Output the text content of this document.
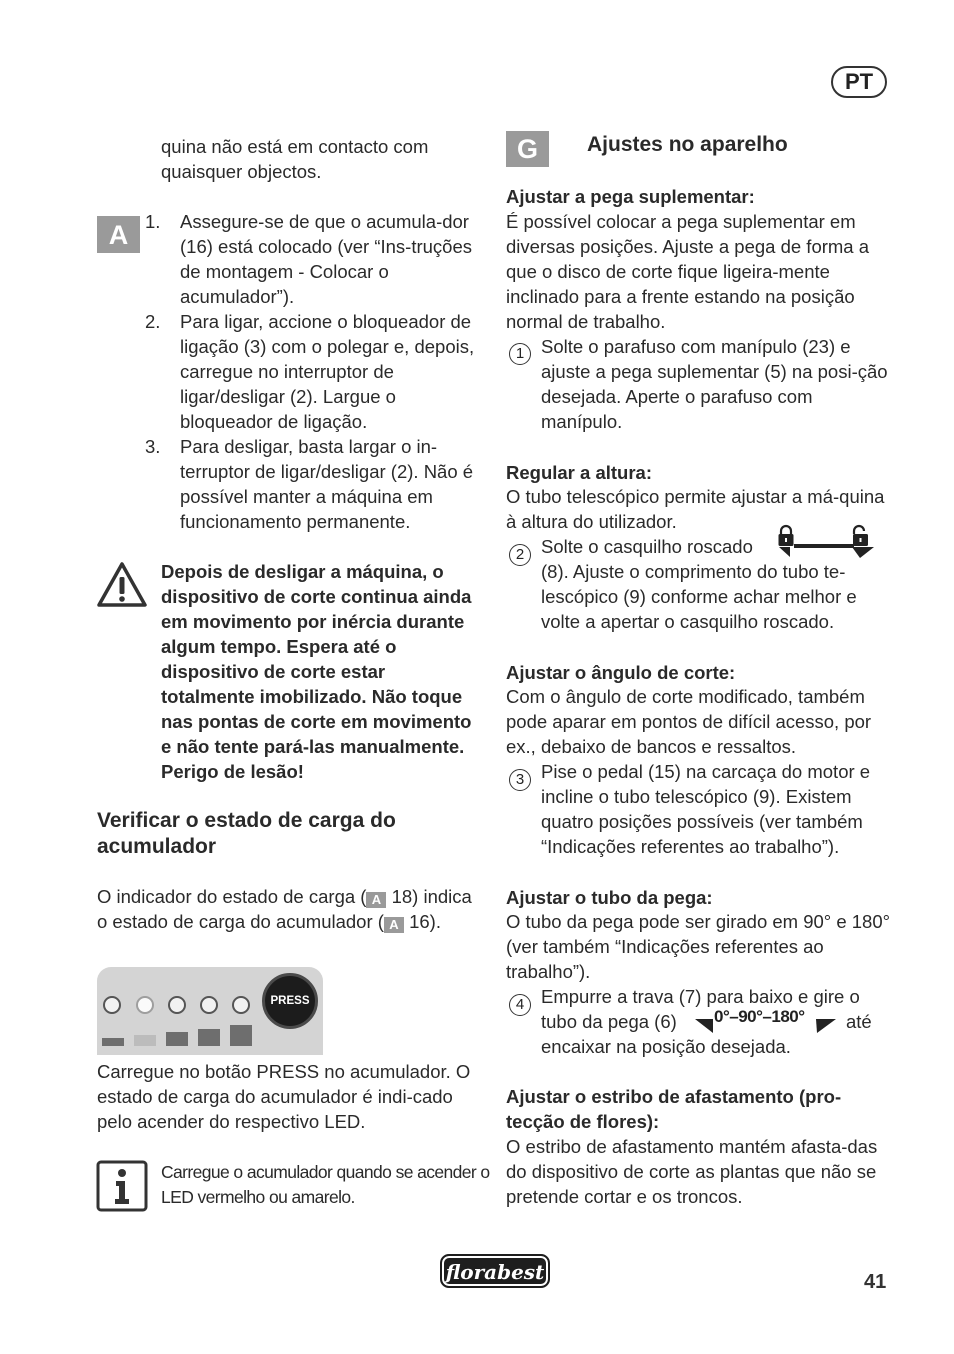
PT

quina não está em contacto com quaisquer objectos.

A 1.	Assegure-se de que o acumula-dor (16) está colocado (ver “Ins-truções de montagem - Colocar o acumulador”).
2.	Para ligar, accione o bloqueador de ligação (3) com o polegar e, depois, carregue no interruptor de ligar/desligar (2). Largue o bloqueador de ligação.
3.	Para desligar, basta largar o in-terruptor de ligar/desligar (2). Não é possível manter a máquina em funcionamento permanente.

Depois de desligar a máquina, o dispositivo de corte continua ainda em movimento por inércia durante algum tempo. Espera até o dispositivo de corte estar totalmente imobilizado. Não toque nas pontas de corte em movimento e não tente pará-las manualmente. Perigo de lesão!

Verificar o estado de carga do acumulador

O indicador do estado de carga ( A 18) indica o estado de carga do acumulador ( A 16).

PRESS

Carregue no botão PRESS no acumulador. O estado de carga do acumulador é indi-cado pelo acender do respectivo LED.

Carregue o acumulador quando se acender o LED vermelho ou amarelo.

G	Ajustes no aparelho
Ajustar a pega suplementar:

É possível colocar a pega suplementar em diversas posições. Ajuste a pega de forma a que o disco de corte fique ligeira-mente inclinado para a frente estando na posição normal de trabalho.

1 Solte o parafuso com manípulo (23) e ajuste a pega suplementar (5) na posi-ção desejada. Aperte o parafuso com manípulo.

Regular a altura:

O tubo telescópico permite ajustar a má-quina à altura do utilizador.

2 Solte o casquilho roscado

(8). Ajuste o comprimento do tubo te-lescópico (9) conforme achar melhor e volte a apertar o casquilho roscado.

Ajustar o ângulo de corte:

Com o ângulo de corte modificado, também pode aparar em pontos de difícil acesso, por ex., debaixo de bancos e ressaltos.

3 Pise o pedal (15) na carcaça do motor e incline o tubo telescópico (9). Existem quatro posições possíveis (ver também “Indicações referentes ao trabalho”).

Ajustar o tubo da pega:

O tubo da pega pode ser girado em 90° e 180° (ver também “Indicações referentes ao trabalho”).

4 Empurre a trava (7) para baixo e gire o tubo da pega (6)	0°–90°–180° até

encaixar na posição desejada.

Ajustar o estribo de afastamento (pro-tecção de flores):

O estribo de afastamento mantém afasta-das do dispositivo de corte as plantas que não se pretende cortar e os troncos.

florabest	41
